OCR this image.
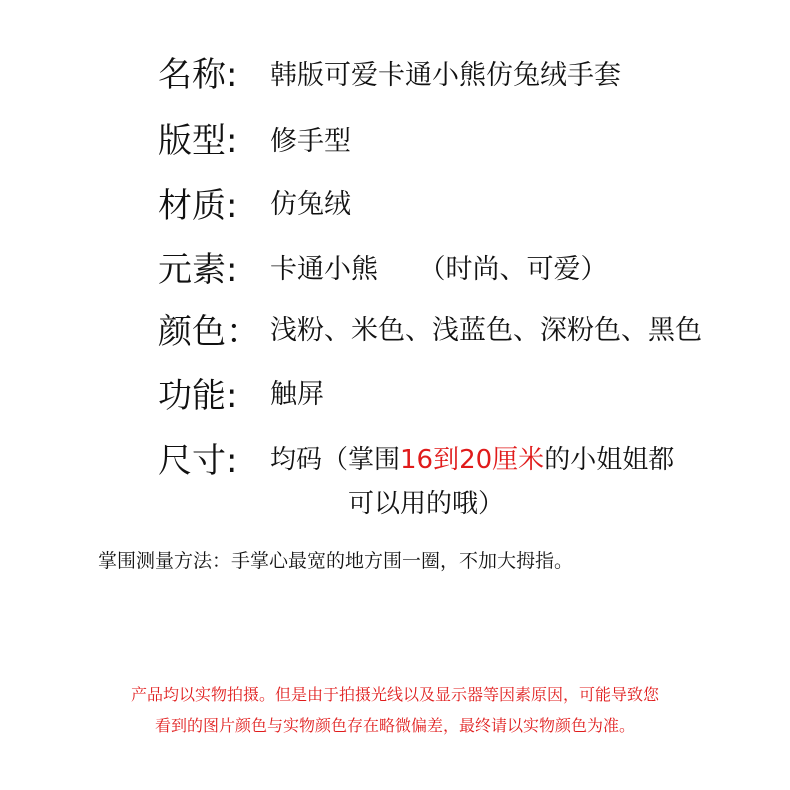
名称: 韩版可爱卡通小熊仿兔绒手套
版型: 修手型
材质: 仿兔绒
元素: 卡通小熊　　（时尚、可爱）
颜色： 浅粉、米色、浅蓝色、深粉色、黑色
功能: 触屏
尺寸: 均码（掌围16到20厘米的小姐姐都
可以用的哦）
掌围测量方法：手掌心最宽的地方围一圈，不加大拇指。
产品均以实物拍摄。但是由于拍摄光线以及显示器等因素原因，可能导致您
看到的图片颜色与实物颜色存在略微偏差，最终请以实物颜色为准。
